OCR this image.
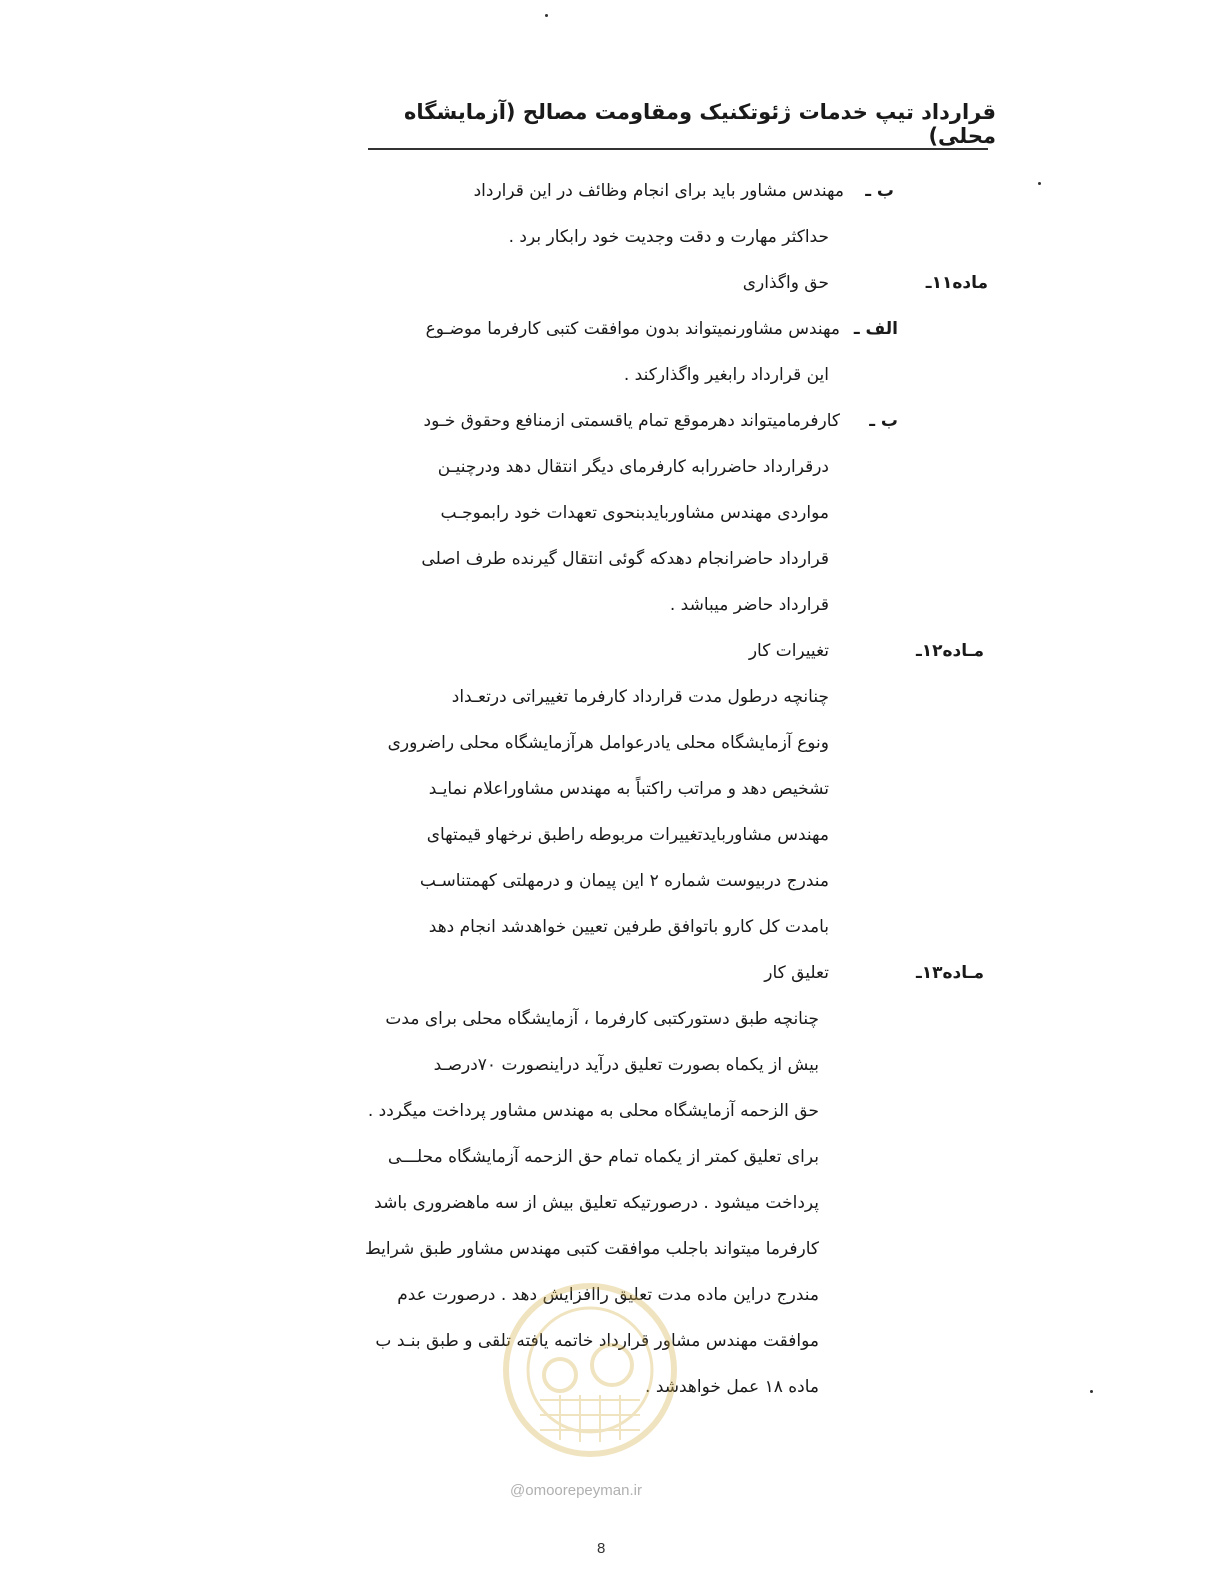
قرارداد تیپ خدمات ژئوتکنیک ومقاومت مصالح (آزمایشگاه محلی)
ب ـ
مهندس مشاور باید برای انجام وظائف در این قرارداد
حداکثر مهارت و دقت وجدیت خود رابکار برد .
ماده۱۱ـ
حق واگذاری
الف ـ
مهندس مشاورنمیتواند بدون موافقت کتبی کارفرما موضـوع
این قرارداد رابغیر واگذارکند .
ب ـ
کارفرمامیتواند دهرموقع تمام یاقسمتی ازمنافع وحقوق خـود
درقرارداد حاضررابه کارفرمای دیگر انتقال دهد ودرچنیـن
مواردی مهندس مشاوربایدبنحوی تعهدات خود رابموجـب
قرارداد حاضرانجام دهدکه گوئی انتقال گیرنده طرف اصلی
قرارداد حاضر میباشد .
مـاده۱۲ـ
تغییرات کار
چنانچه درطول مدت قرارداد کارفرما تغییراتی درتعـداد
ونوع آزمایشگاه محلی یادرعوامل هرآزمایشگاه محلی راضروری
تشخیص دهد و مراتب راکتباً به مهندس مشاوراعلام نمایـد
مهندس مشاوربایدتغییرات مربوطه راطبق نرخهاو قیمتهای
مندرج دربیوست شماره ۲ این پیمان و درمهلتی کهمتناسـب
بامدت کل کارو باتوافق طرفین تعیین خواهدشد انجام دهد
مـاده۱۳ـ
تعلیق کار
چنانچه طبق دستورکتبی کارفرما ، آزمایشگاه محلی برای مدت
بیش از یکماه بصورت تعلیق درآید دراینصورت ۷۰درصـد
حق الزحمه آزمایشگاه محلی به مهندس مشاور پرداخت میگردد .
برای تعلیق کمتر از یکماه تمام حق الزحمه آزمایشگاه محلـــی
پرداخت میشود . درصورتیکه تعلیق بیش از سه ماهضروری باشد
کارفرما میتواند باجلب موافقت کتبی مهندس مشاور طبق شرایط
مندرج دراین ماده مدت تعلیق راافزایش دهد . درصورت عدم
موافقت مهندس مشاور قرارداد خاتمه یافته تلقی و طبق بنـد ب
ماده ۱۸ عمل خواهدشد .
@omoorepeyman.ir
8
